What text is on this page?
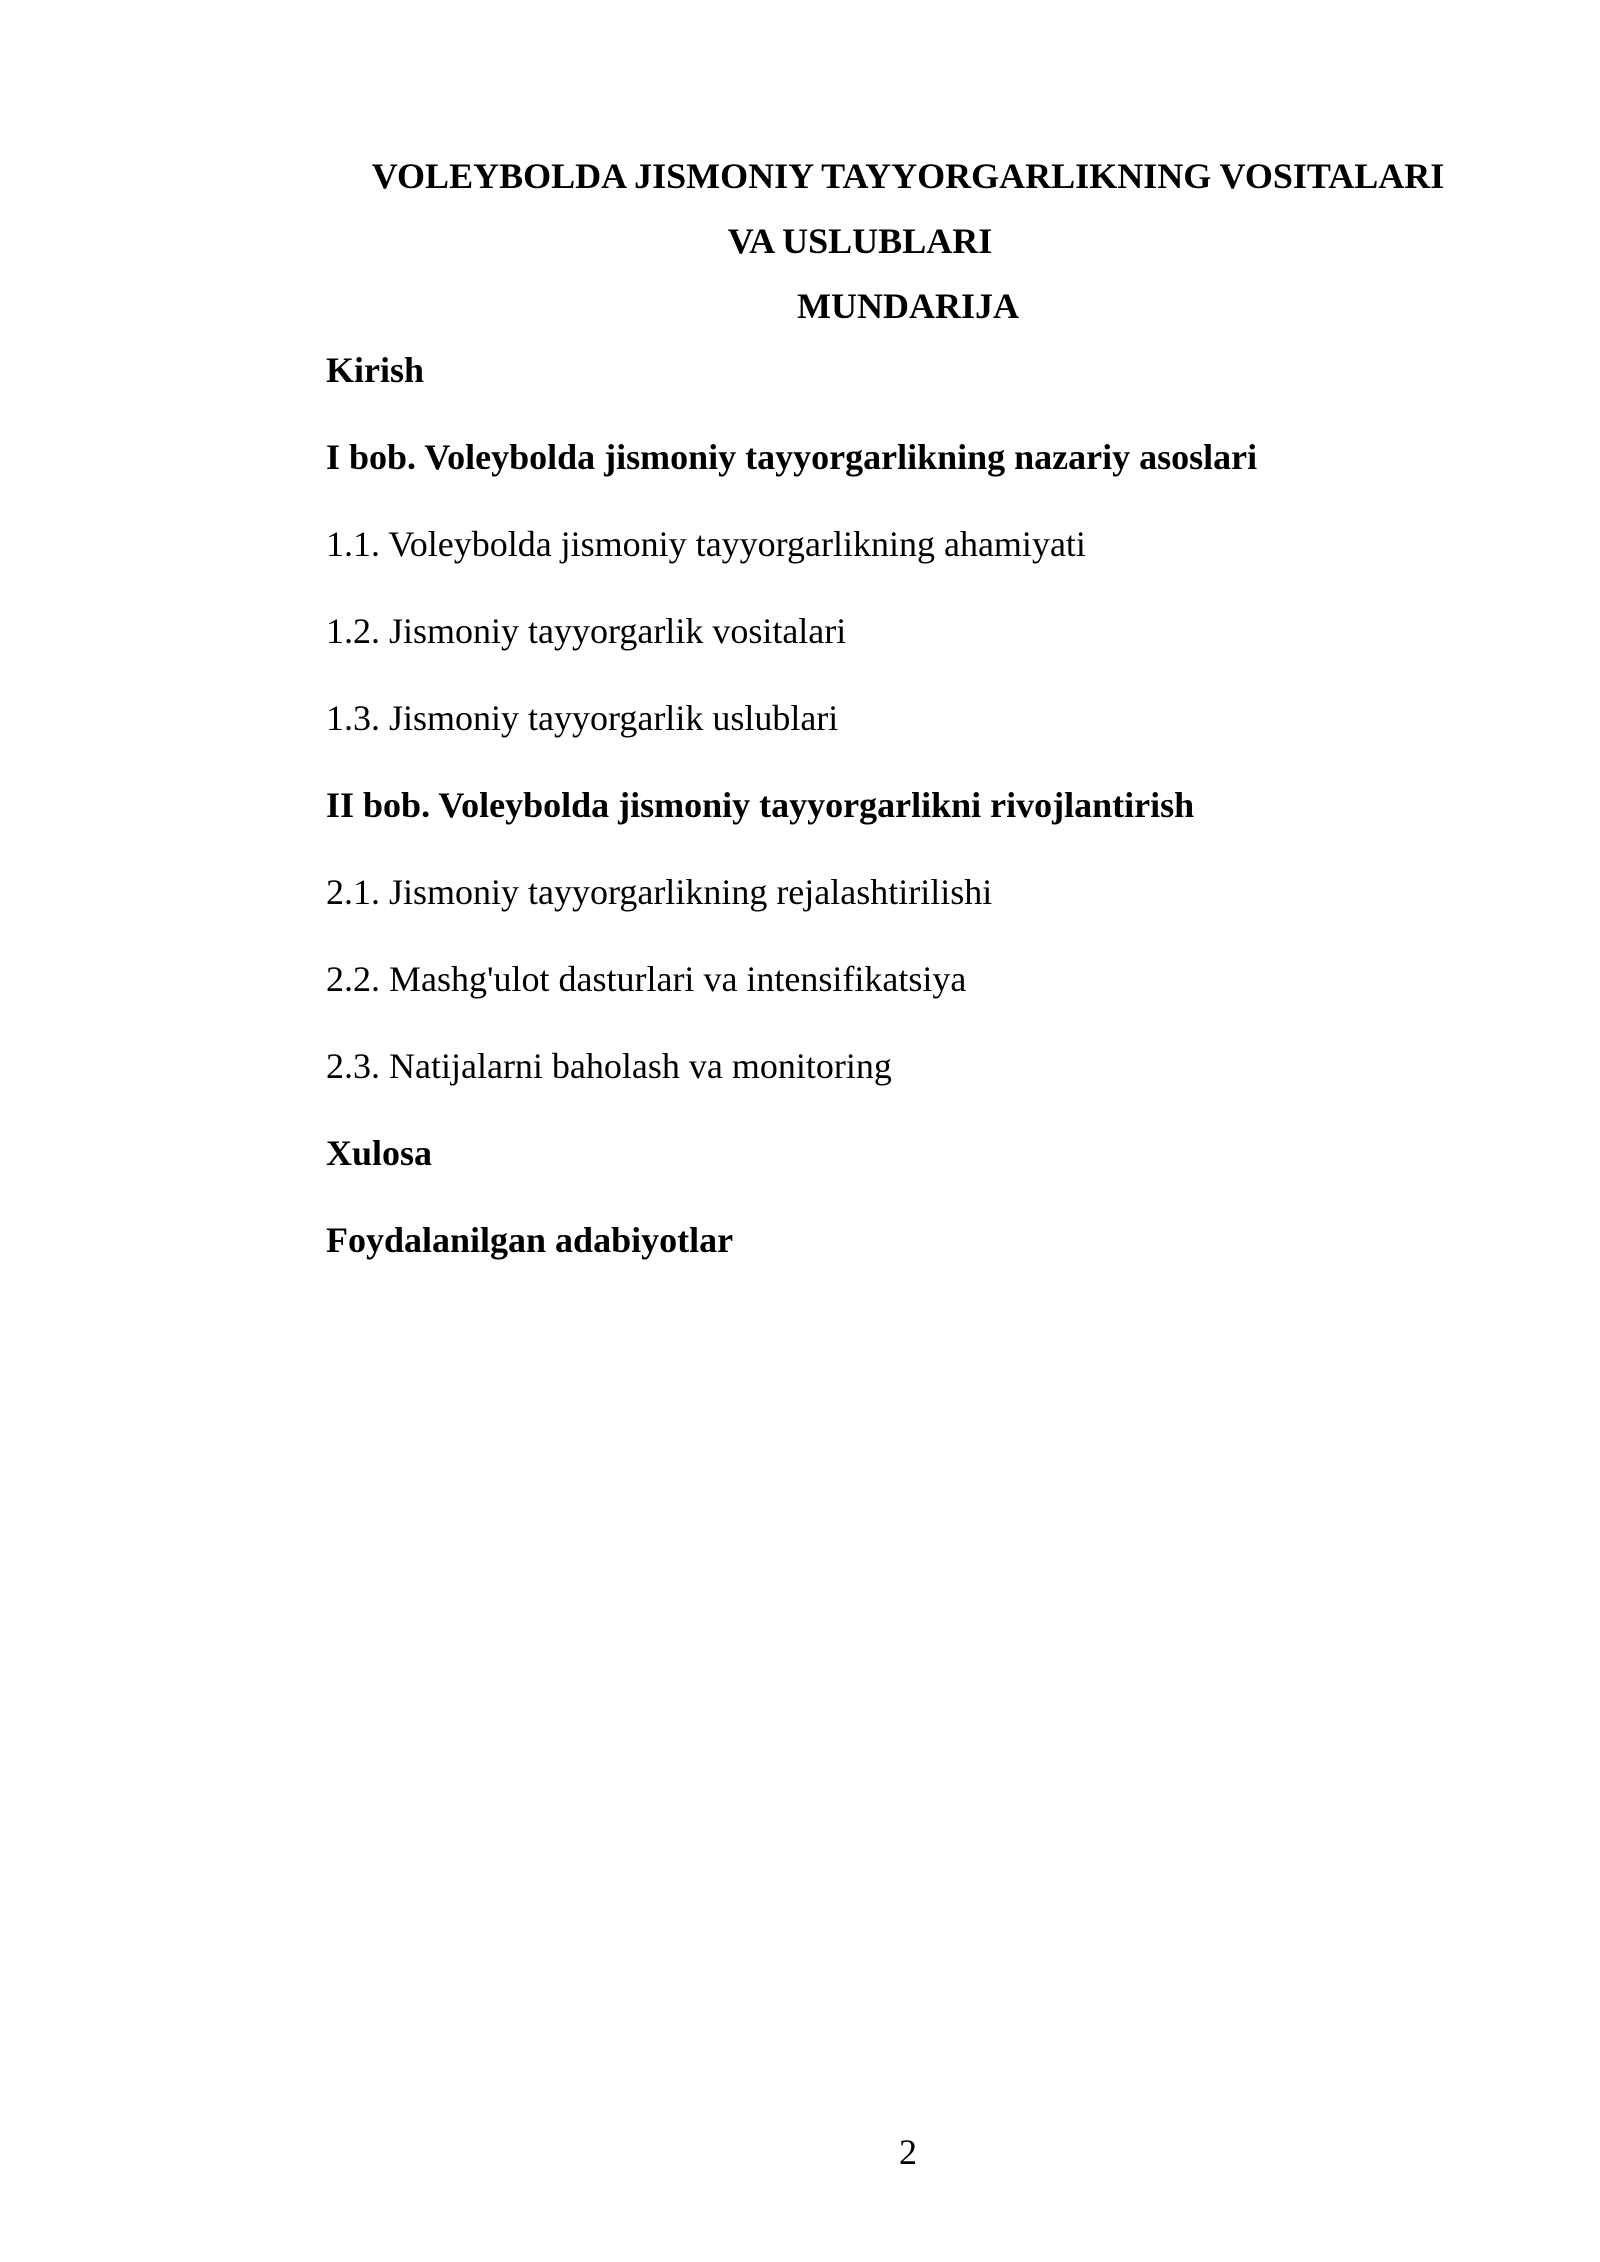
VOLEYBOLDA JISMONIY TAYYORGARLIKNING VOSITALARI
VA USLUBLARI
MUNDARIJA
Kirish
I bob. Voleybolda jismoniy tayyorgarlikning nazariy asoslari
1.1. Voleybolda jismoniy tayyorgarlikning ahamiyati
1.2. Jismoniy tayyorgarlik vositalari
1.3. Jismoniy tayyorgarlik uslublari
II bob. Voleybolda jismoniy tayyorgarlikni rivojlantirish
2.1. Jismoniy tayyorgarlikning rejalashtirilishi
2.2. Mashg'ulot dasturlari va intensifikatsiya
2.3. Natijalarni baholash va monitoring
Xulosa
Foydalanilgan adabiyotlar
2
